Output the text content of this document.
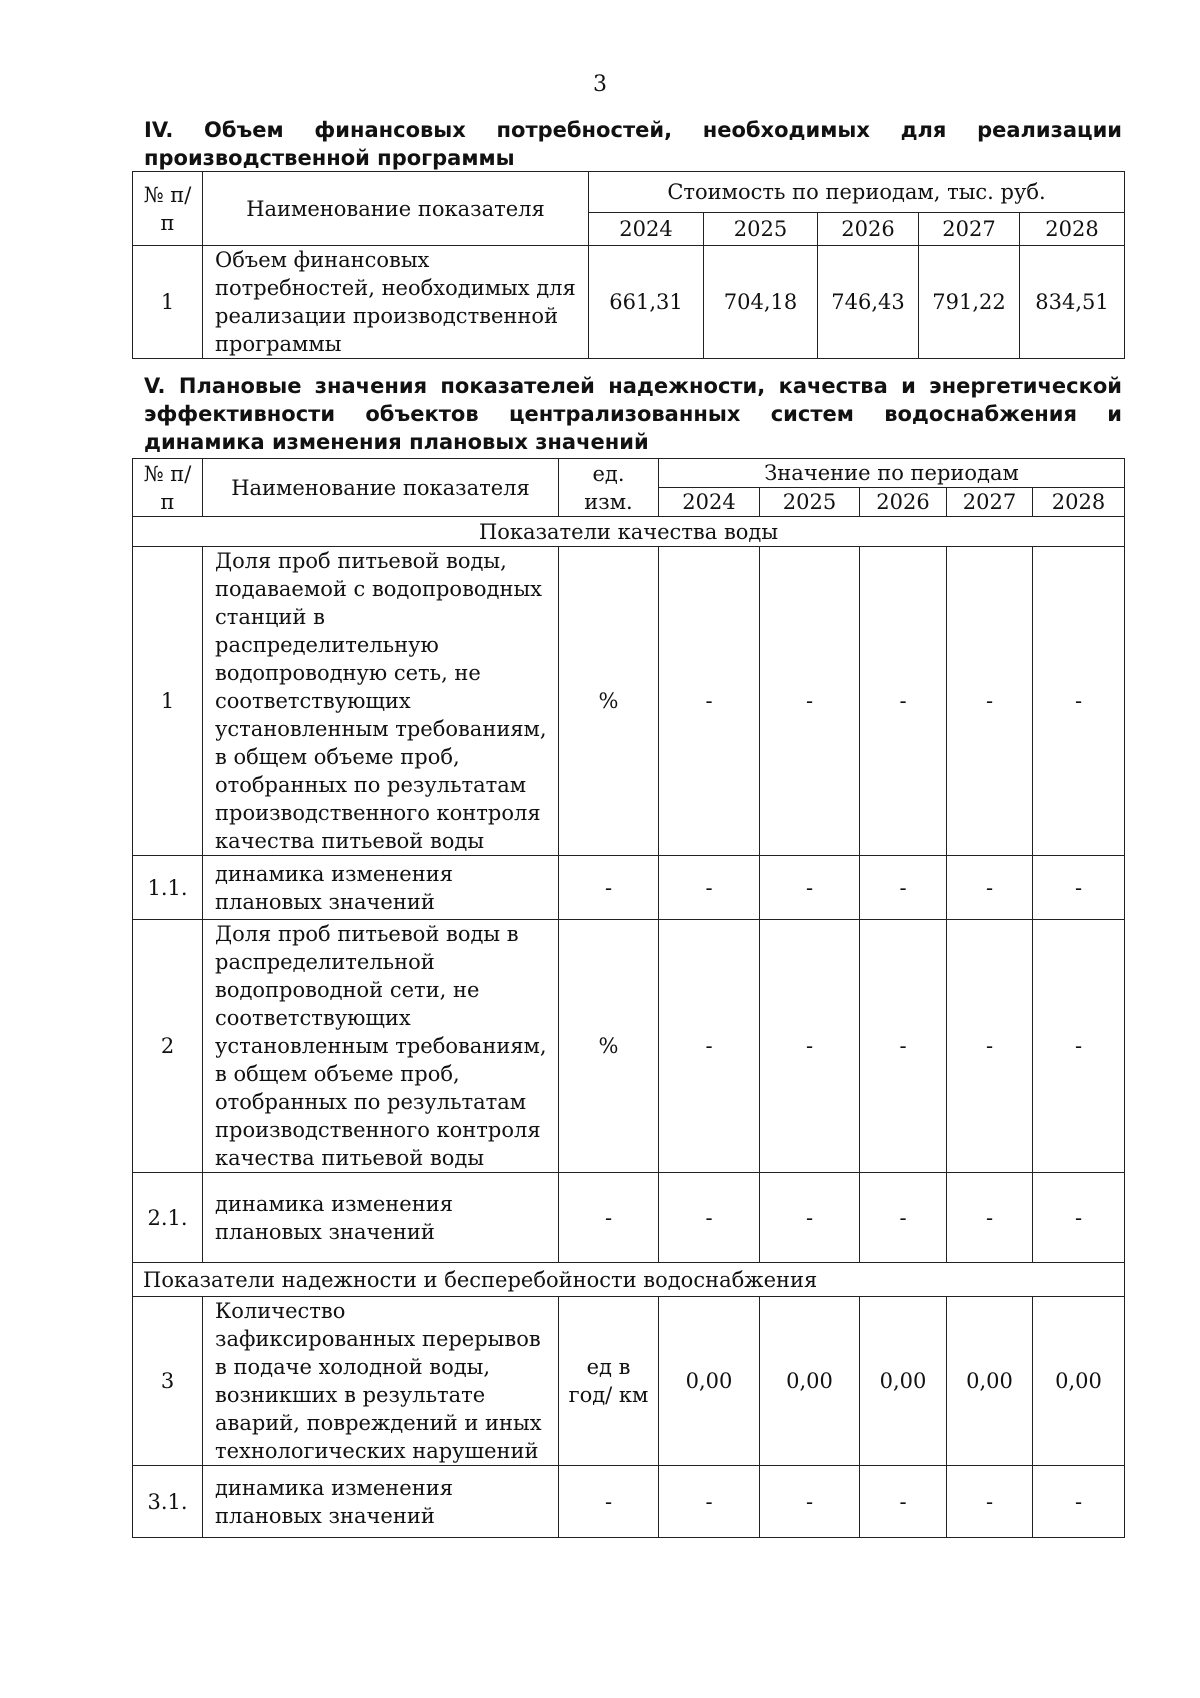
3

IV. Объем финансовых потребностей, необходимых для реализации производственной программы

№ п/п	Наименование показателя	Стоимость по периодам, тыс. руб.				
		2024	2025	2026	2027	2028
1	Объем финансовых потребностей, необходимых для реализации производственной программы	661,31	704,18	746,43	791,22	834,51

V. Плановые значения показателей надежности, качества и энергетической эффективности объектов централизованных систем водоснабжения и динамика изменения плановых значений

№ п/п	Наименование показателя	ед. изм.	Значение по периодам				
			2024	2025	2026	2027	2028
Показатели качества воды							
1	Доля проб питьевой воды, подаваемой с водопроводных станций в распределительную водопроводную сеть, не соответствующих установленным требованиям, в общем объеме проб, отобранных по результатам производственного контроля качества питьевой воды	%	-	-	-	-	-
1.1.	динамика изменения плановых значений	-	-	-	-	-	-
2	Доля проб питьевой воды в распределительной водопроводной сети, не соответствующих установленным требованиям, в общем объеме проб, отобранных по результатам производственного контроля качества питьевой воды	%	-	-	-	-	-
2.1.	динамика изменения плановых значений	-	-	-	-	-	-
Показатели надежности и бесперебойности водоснабжения							
3	Количество зафиксированных перерывов в подаче холодной воды, возникших в результате аварий, повреждений и иных технологических нарушений	ед в год/ км	0,00	0,00	0,00	0,00	0,00
3.1.	динамика изменения плановых значений	-	-	-	-	-	-
